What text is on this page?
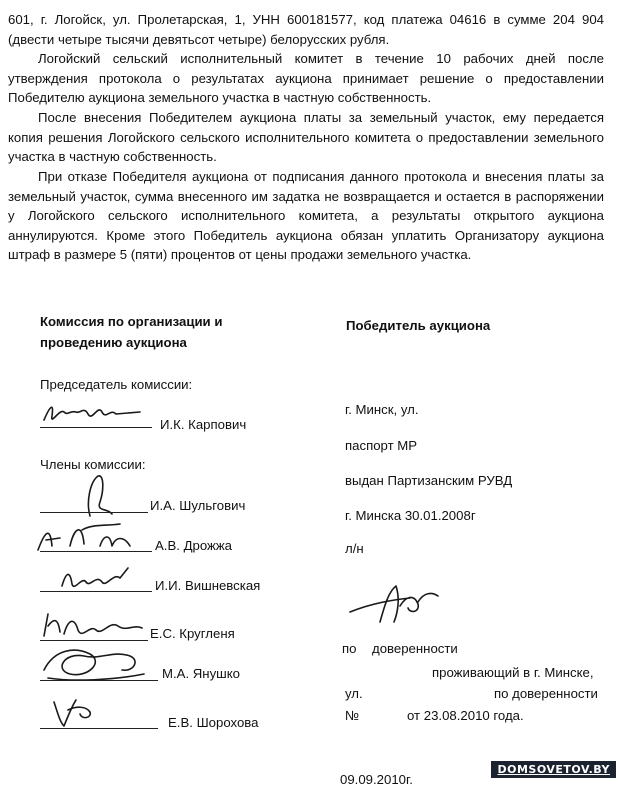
601, г. Логойск, ул. Пролетарская, 1, УНН 600181577, код платежа 04616 в сумме 204 904 (двести четыре тысячи девятьсот четыре) белорусских рубля.

Логойский сельский исполнительный комитет в течение 10 рабочих дней после утверждения протокола о результатах аукциона принимает решение о предоставлении Победителю аукциона земельного участка в частную собственность.

После внесения Победителем аукциона платы за земельный участок, ему передается копия решения Логойского сельского исполнительного комитета о предоставлении земельного участка в частную собственность.

При отказе Победителя аукциона от подписания данного протокола и внесения платы за земельный участок, сумма внесенного им задатка не возвращается и остается в распоряжении у Логойского сельского исполнительного комитета, а результаты открытого аукциона аннулируются. Кроме этого Победитель аукциона обязан уплатить Организатору аукциона штраф в размере 5 (пяти) процентов от цены продажи земельного участка.

Комиссия по организации и
проведению аукциона
Председатель комиссии:
И.К. Карпович
Члены комиссии:
И.А. Шульгович
А.В. Дрожжа
И.И. Вишневская
Е.С. Кругленя
М.А. Янушко
Е.В. Шорохова
Победитель аукциона
г. Минск, ул.
паспорт МР
выдан Партизанским РУВД
г. Минска 30.01.2008г
л/н
по доверенности
проживающий в г. Минске,
ул.	по доверенности
№	от 23.08.2010 года.
09.09.2010г.
DOMSOVETOV.BY
